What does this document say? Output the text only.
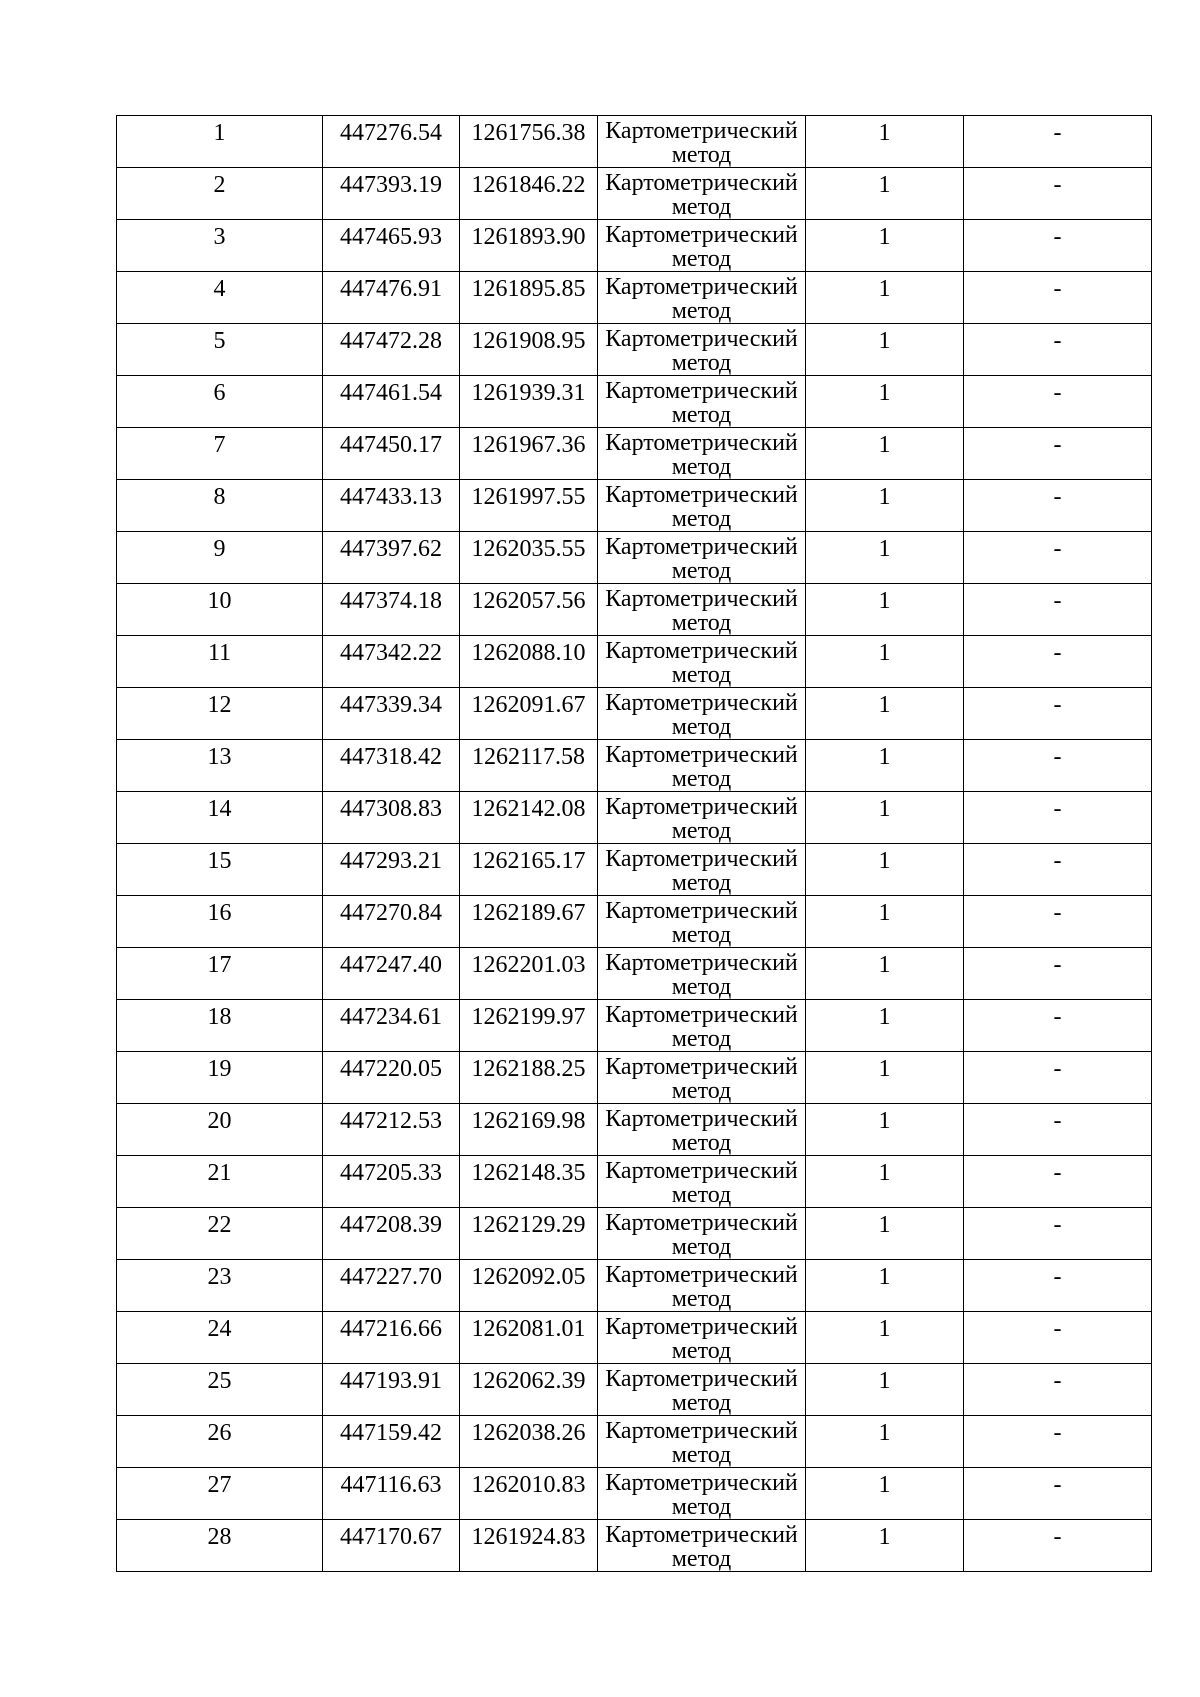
1	447276.54	1261756.38	Картометрический метод	1	-

2	447393.19	1261846.22	Картометрический метод	1	-

3	447465.93	1261893.90	Картометрический метод	1	-

4	447476.91	1261895.85	Картометрический метод	1	-

5	447472.28	1261908.95	Картометрический метод	1	-

6	447461.54	1261939.31	Картометрический метод	1	-

7	447450.17	1261967.36	Картометрический метод	1	-

8	447433.13	1261997.55	Картометрический метод	1	-

9	447397.62	1262035.55	Картометрический метод	1	-

10	447374.18	1262057.56	Картометрический метод	1	-

11	447342.22	1262088.10	Картометрический метод	1	-

12	447339.34	1262091.67	Картометрический метод	1	-

13	447318.42	1262117.58	Картометрический метод	1	-

14	447308.83	1262142.08	Картометрический метод	1	-

15	447293.21	1262165.17	Картометрический метод	1	-

16	447270.84	1262189.67	Картометрический метод	1	-

17	447247.40	1262201.03	Картометрический метод	1	-

18	447234.61	1262199.97	Картометрический метод	1	-

19	447220.05	1262188.25	Картометрический метод	1	-

20	447212.53	1262169.98	Картометрический метод	1	-

21	447205.33	1262148.35	Картометрический метод	1	-

22	447208.39	1262129.29	Картометрический метод	1	-

23	447227.70	1262092.05	Картометрический метод	1	-

24	447216.66	1262081.01	Картометрический метод	1	-

25	447193.91	1262062.39	Картометрический метод	1	-

26	447159.42	1262038.26	Картометрический метод	1	-

27	447116.63	1262010.83	Картометрический метод	1	-

28	447170.67	1261924.83	Картометрический метод	1	-
